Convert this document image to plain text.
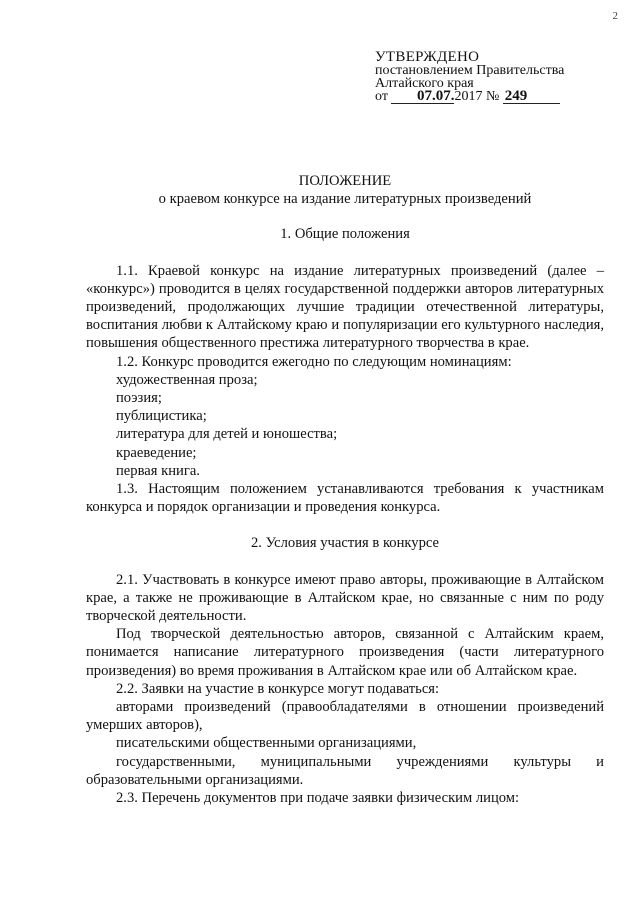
2
УТВЕРЖДЕНО
постановлением Правительства
Алтайского края
от 07.07.2017 № 249
ПОЛОЖЕНИЕ
о краевом конкурсе на издание литературных произведений
1. Общие положения

1.1. Краевой конкурс на издание литературных произведений (далее – «конкурс») проводится в целях государственной поддержки авторов литературных произведений, продолжающих лучшие традиции отечественной литературы, воспитания любви к Алтайскому краю и популяризации его культурного наследия, повышения общественного престижа литературного творчества в крае.

1.2. Конкурс проводится ежегодно по следующим номинациям:

художественная проза;

поэзия;

публицистика;

литература для детей и юношества;

краеведение;

первая книга.

1.3. Настоящим положением устанавливаются требования к участникам конкурса и порядок организации и проведения конкурса.

2. Условия участия в конкурсе

2.1. Участвовать в конкурсе имеют право авторы, проживающие в Алтайском крае, а также не проживающие в Алтайском крае, но связанные с ним по роду творческой деятельности.

Под творческой деятельностью авторов, связанной с Алтайским краем, понимается написание литературного произведения (части литературного произведения) во время проживания в Алтайском крае или об Алтайском крае.

2.2. Заявки на участие в конкурсе могут подаваться:

авторами произведений (правообладателями в отношении произведений умерших авторов),

писательскими общественными организациями,

государственными, муниципальными учреждениями культуры и образовательными организациями.

2.3. Перечень документов при подаче заявки физическим лицом:
